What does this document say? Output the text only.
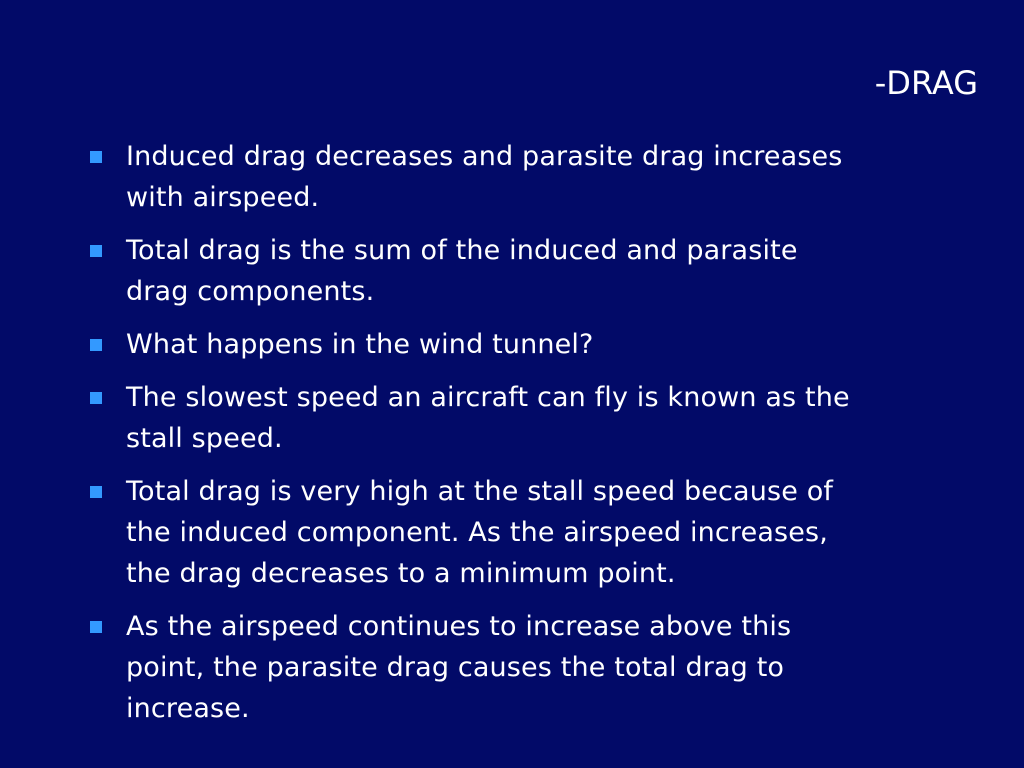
-DRAG
Induced drag decreases and parasite drag increases
with airspeed.
Total drag is the sum of the induced and parasite
drag components.
What happens in the wind tunnel?
The slowest speed an aircraft can fly is known as the
stall speed.
Total drag is very high at the stall speed because of
the induced component. As the airspeed increases,
the drag decreases to a minimum point.
As the airspeed continues to increase above this
point, the parasite drag causes the total drag to
increase.
